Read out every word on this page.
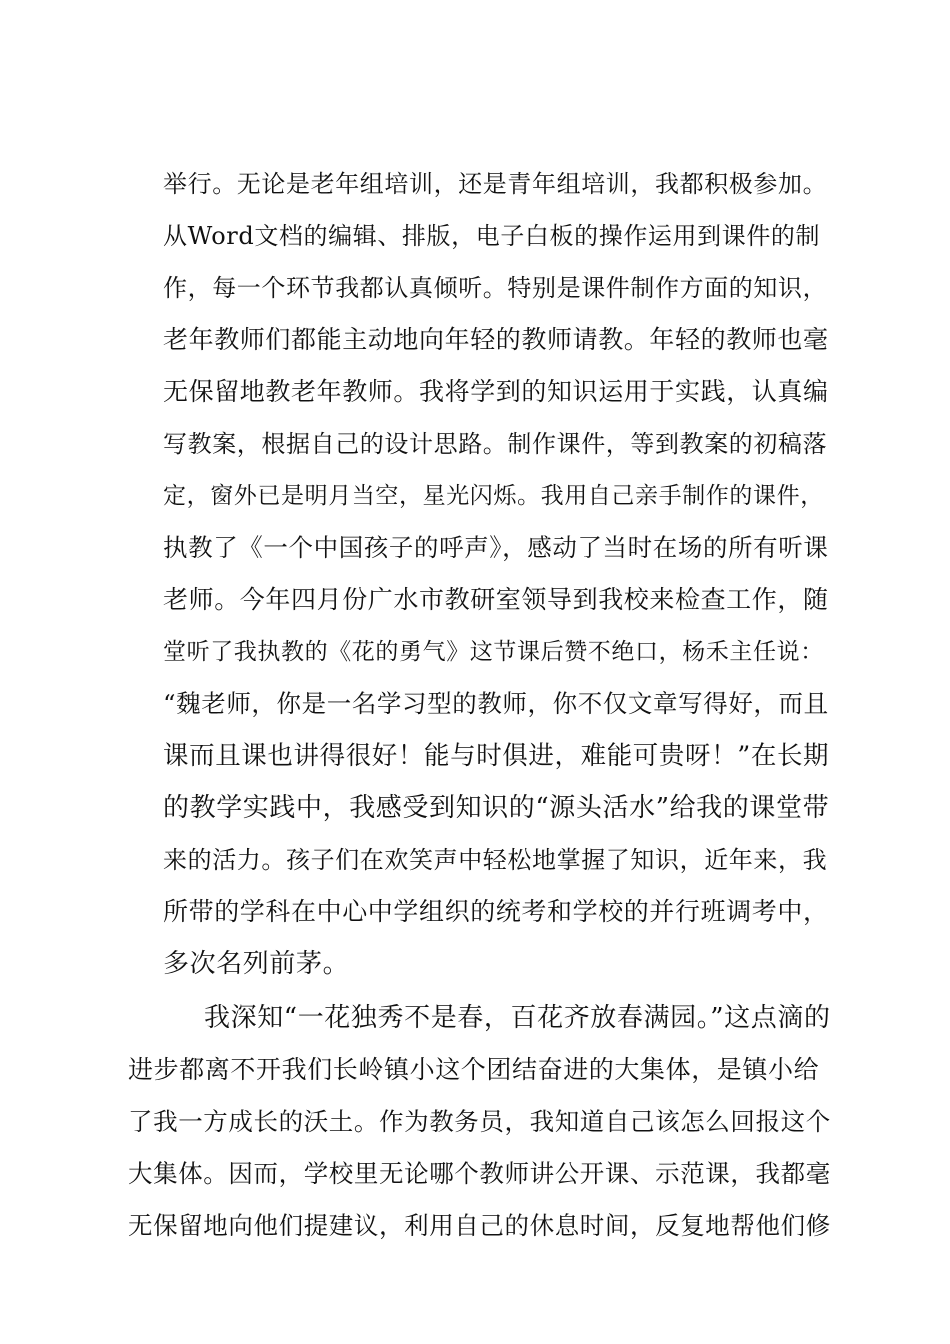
举行。无论是老年组培训，还是青年组培训，我都积极参加。
从Word文档的编辑、排版，电子白板的操作运用到课件的制
作，每一个环节我都认真倾听。特别是课件制作方面的知识，
老年教师们都能主动地向年轻的教师请教。年轻的教师也毫
无保留地教老年教师。我将学到的知识运用于实践，认真编
写教案，根据自己的设计思路。制作课件，等到教案的初稿落
定，窗外已是明月当空，星光闪烁。我用自己亲手制作的课件，
执教了《一个中国孩子的呼声》，感动了当时在场的所有听课
老师。今年四月份广水市教研室领导到我校来检查工作，随
堂听了我执教的《花的勇气》这节课后赞不绝口，杨禾主任说：
“魏老师，你是一名学习型的教师，你不仅文章写得好，而且
课而且课也讲得很好！能与时俱进，难能可贵呀！”在长期
的教学实践中，我感受到知识的“源头活水”给我的课堂带
来的活力。孩子们在欢笑声中轻松地掌握了知识，近年来，我
所带的学科在中心中学组织的统考和学校的并行班调考中，
多次名列前茅。
我深知“一花独秀不是春，百花齐放春满园。”这点滴的
进步都离不开我们长岭镇小这个团结奋进的大集体，是镇小给
了我一方成长的沃土。作为教务员，我知道自己该怎么回报这个
大集体。因而，学校里无论哪个教师讲公开课、示范课，我都毫
无保留地向他们提建议，利用自己的休息时间，反复地帮他们修
